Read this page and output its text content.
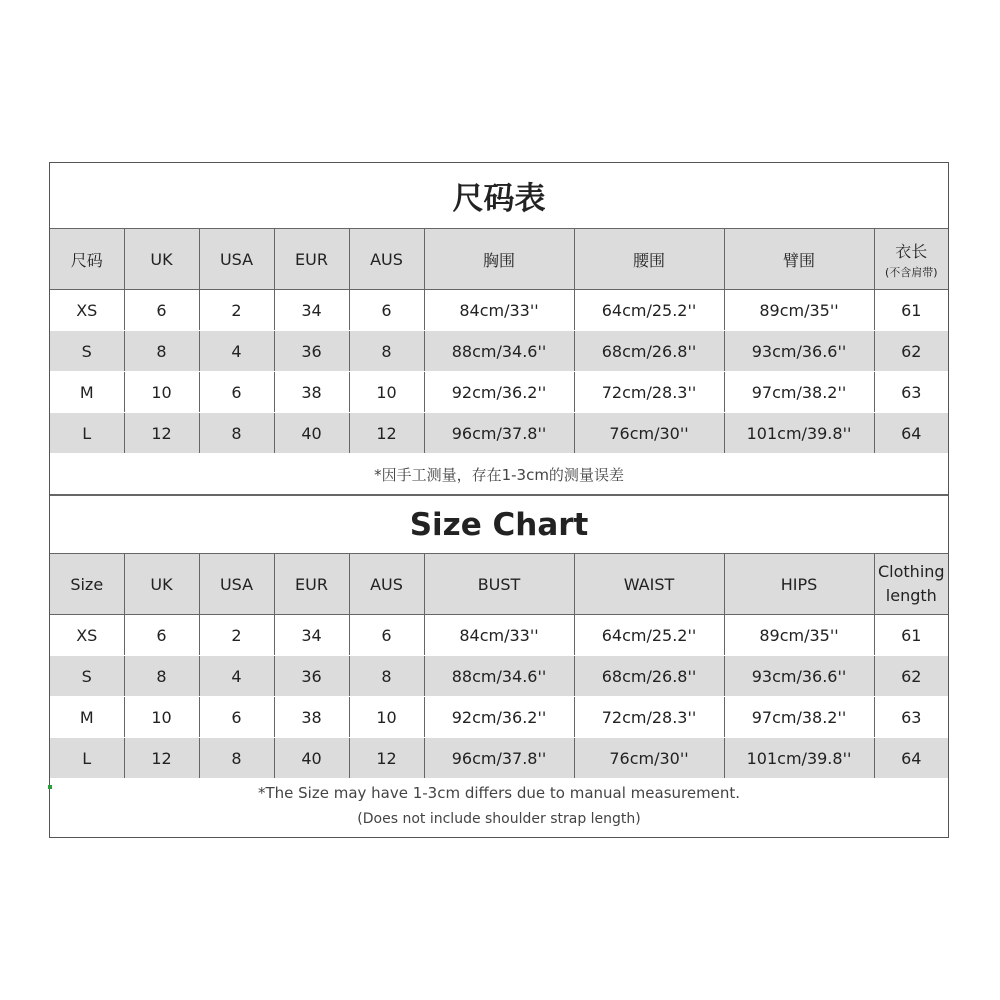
尺码表								
尺码	UK	USA	EUR	AUS	胸围	腰围	臂围	衣长
(不含肩带)

XS	6	2	34	6	84cm/33''	64cm/25.2''	89cm/35''	61
S	8	4	36	8	88cm/34.6''	68cm/26.8''	93cm/36.6''	62
M	10	6	38	10	92cm/36.2''	72cm/28.3''	97cm/38.2''	63
L	12	8	40	12	96cm/37.8''	76cm/30''	101cm/39.8''	64
*因手工测量，存在1-3cm的测量误差								
Size Chart								
Size	UK	USA	EUR	AUS	BUST	WAIST	HIPS	Clothing length
XS	6	2	34	6	84cm/33''	64cm/25.2''	89cm/35''	61
S	8	4	36	8	88cm/34.6''	68cm/26.8''	93cm/36.6''	62
M	10	6	38	10	92cm/36.2''	72cm/28.3''	97cm/38.2''	63
L	12	8	40	12	96cm/37.8''	76cm/30''	101cm/39.8''	64

*The Size may have 1-3cm differs due to manual measurement.
(Does not include shoulder strap length)								
